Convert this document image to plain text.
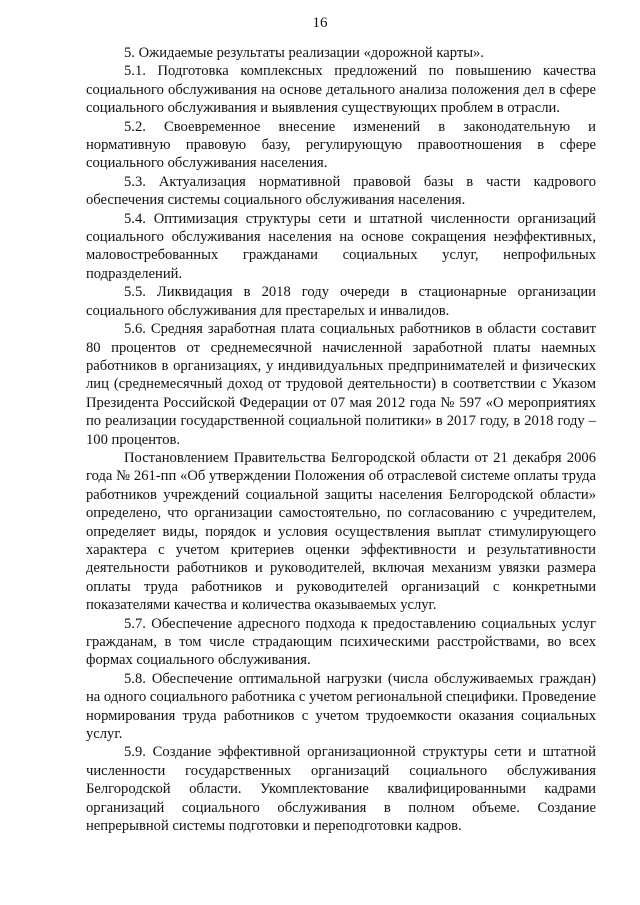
16

5. Ожидаемые результаты реализации «дорожной карты».

5.1. Подготовка комплексных предложений по повышению качества социального обслуживания на основе детального анализа положения дел в сфере социального обслуживания и выявления существующих проблем в отрасли.

5.2. Своевременное внесение изменений в законодательную и нормативную правовую базу, регулирующую правоотношения в сфере социального обслуживания населения.

5.3. Актуализация нормативной правовой базы в части кадрового обеспечения системы социального обслуживания населения.

5.4. Оптимизация структуры сети и штатной численности организаций социального обслуживания населения на основе сокращения неэффективных, маловостребованных гражданами социальных услуг, непрофильных подразделений.

5.5. Ликвидация в 2018 году очереди в стационарные организации социального обслуживания для престарелых и инвалидов.

5.6. Средняя заработная плата социальных работников в области составит 80 процентов от среднемесячной начисленной заработной платы наемных работников в организациях, у индивидуальных предпринимателей и физических лиц (среднемесячный доход от трудовой деятельности) в соответствии с Указом Президента Российской Федерации от 07 мая 2012 года № 597 «О мероприятиях по реализации государственной социальной политики» в 2017 году, в 2018 году – 100 процентов.

Постановлением Правительства Белгородской области от 21 декабря 2006 года № 261-пп «Об утверждении Положения об отраслевой системе оплаты труда работников учреждений социальной защиты населения Белгородской области» определено, что организации самостоятельно, по согласованию с учредителем, определяет виды, порядок и условия осуществления выплат стимулирующего характера с учетом критериев оценки эффективности и результативности деятельности работников и руководителей, включая механизм увязки размера оплаты труда работников и руководителей организаций с конкретными показателями качества и количества оказываемых услуг.

5.7. Обеспечение адресного подхода к предоставлению социальных услуг гражданам, в том числе страдающим психическими расстройствами, во всех формах социального обслуживания.

5.8. Обеспечение оптимальной нагрузки (числа обслуживаемых граждан) на одного социального работника с учетом региональной специфики. Проведение нормирования труда работников с учетом трудоемкости оказания социальных услуг.

5.9. Создание эффективной организационной структуры сети и штатной численности государственных организаций социального обслуживания Белгородской области. Укомплектование квалифицированными кадрами организаций социального обслуживания в полном объеме. Создание непрерывной системы подготовки и переподготовки кадров.
